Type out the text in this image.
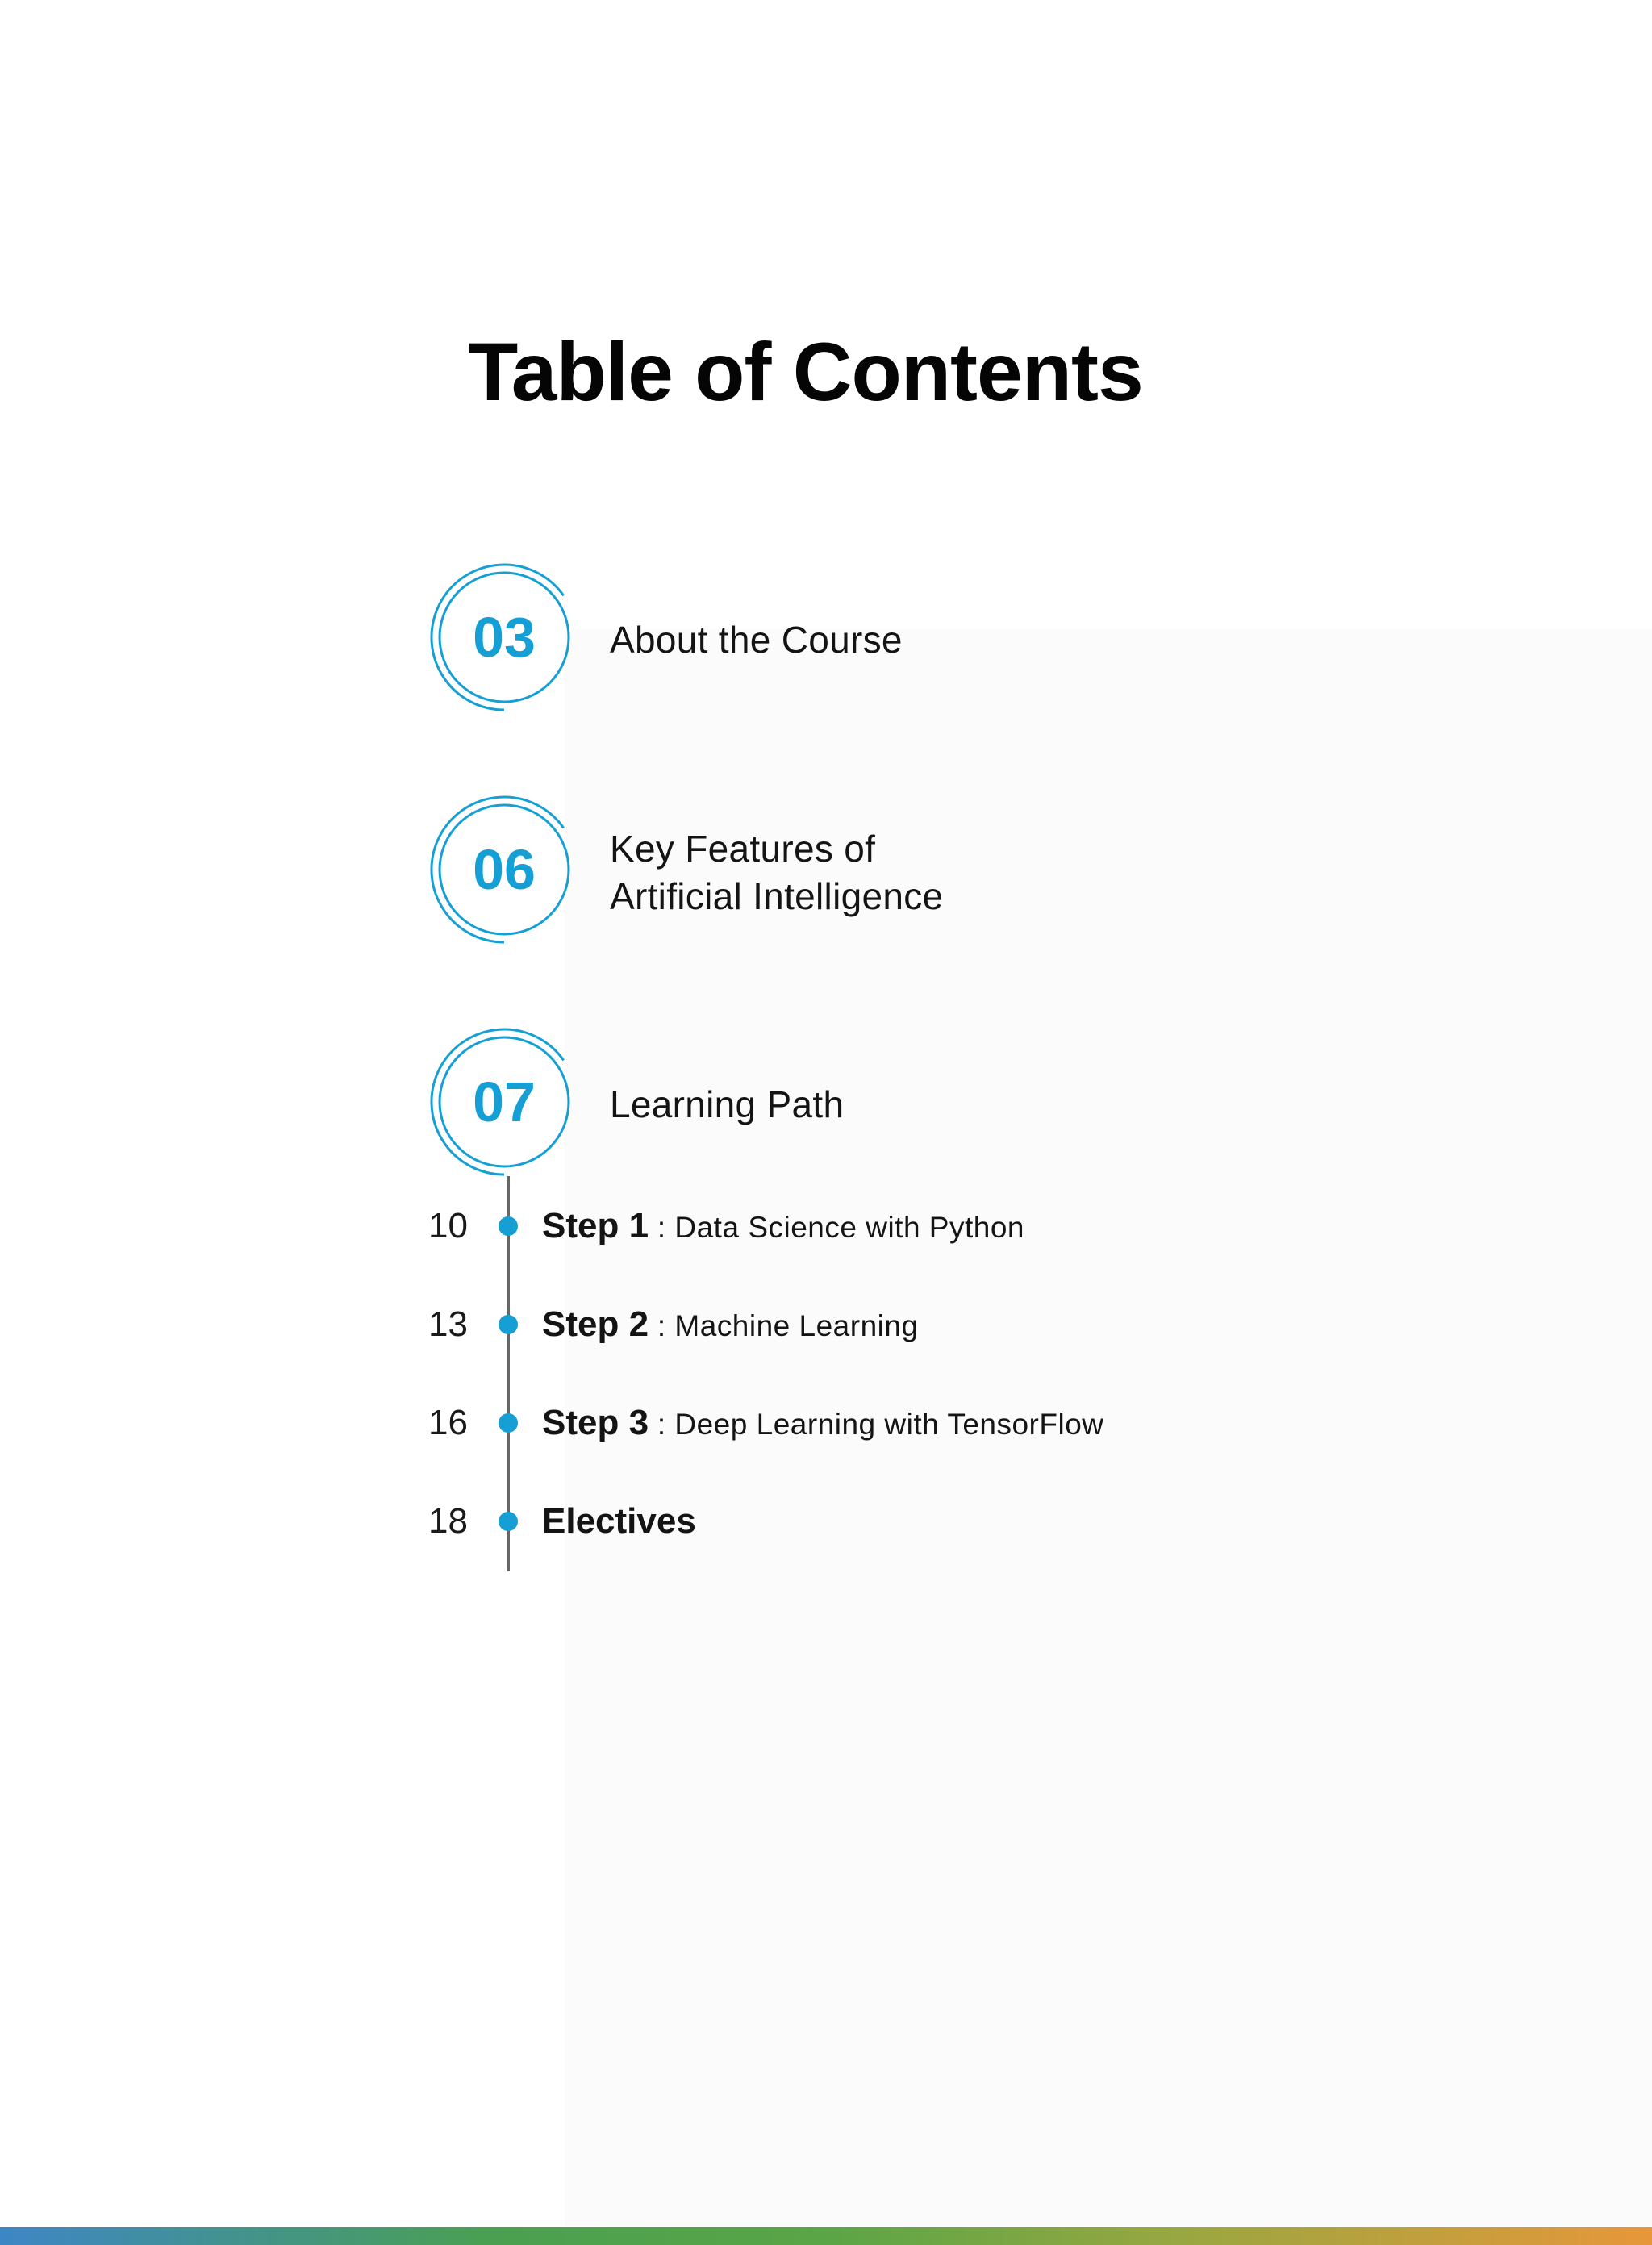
Table of Contents
03	About the Course
06	Key Features of
Artificial Intelligence
07	Learning Path
10 Step 1 : Data Science with Python
13 Step 2 : Machine Learning
16 Step 3 : Deep Learning with TensorFlow
18 Electives
